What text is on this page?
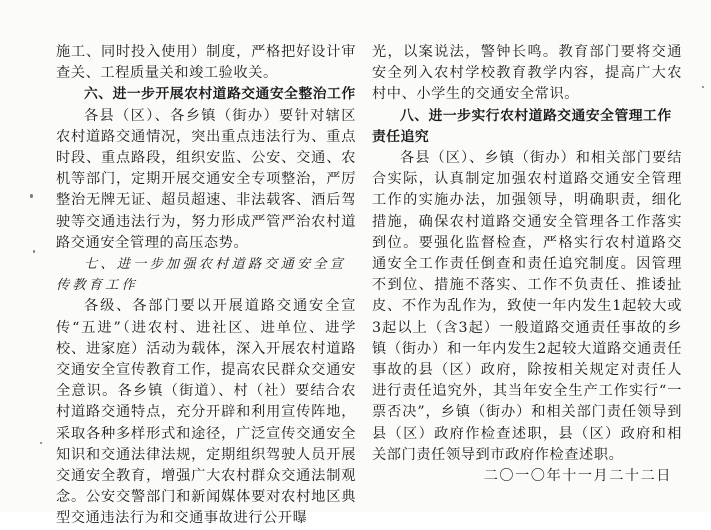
施工、同时投入使用）制度，严格把好设计审查关、工程质量关和竣工验收关。

六、进一步开展农村道路交通安全整治工作

各县（区）、各乡镇（街办）要针对辖区农村道路交通情况，突出重点违法行为、重点时段、重点路段，组织安监、公安、交通、农机等部门，定期开展交通安全专项整治，严厉整治无牌无证、超员超速、非法载客、酒后驾驶等交通违法行为，努力形成严管严治农村道路交通安全管理的高压态势。

七、进一步加强农村道路交通安全宣传教育工作

各级、各部门要以开展道路交通安全宣传“五进”（进农村、进社区、进单位、进学校、进家庭）活动为载体，深入开展农村道路交通安全宣传教育工作，提高农民群众交通安全意识。各乡镇（街道）、村（社）要结合农村道路交通特点，充分开辟和利用宣传阵地，采取各种多样形式和途径，广泛宣传交通安全知识和交通法律法规，定期组织驾驶人员开展交通安全教育，增强广大农村群众交通法制观念。公安交警部门和新闻媒体要对农村地区典型交通违法行为和交通事故进行公开曝

光，以案说法，警钟长鸣。教育部门要将交通安全列入农村学校教育教学内容，提高广大农村中、小学生的交通安全常识。

八、进一步实行农村道路交通安全管理工作责任追究

各县（区）、乡镇（街办）和相关部门要结合实际，认真制定加强农村道路交通安全管理工作的实施办法，加强领导，明确职责，细化措施，确保农村道路交通安全管理各工作落实到位。要强化监督检查，严格实行农村道路交通安全工作责任倒查和责任追究制度。因管理不到位、措施不落实、工作不负责任、推诿扯皮、不作为乱作为，致使一年内发生1起较大或3起以上（含3起）一般道路交通责任事故的乡镇（街办）和一年内发生2起较大道路交通责任事故的县（区）政府，除按相关规定对责任人进行责任追究外，其当年安全生产工作实行“一票否决”，乡镇（街办）和相关部门责任领导到县（区）政府作检查述职，县（区）政府和相关部门责任领导到市政府作检查述职。

二〇一〇年十一月二十二日
